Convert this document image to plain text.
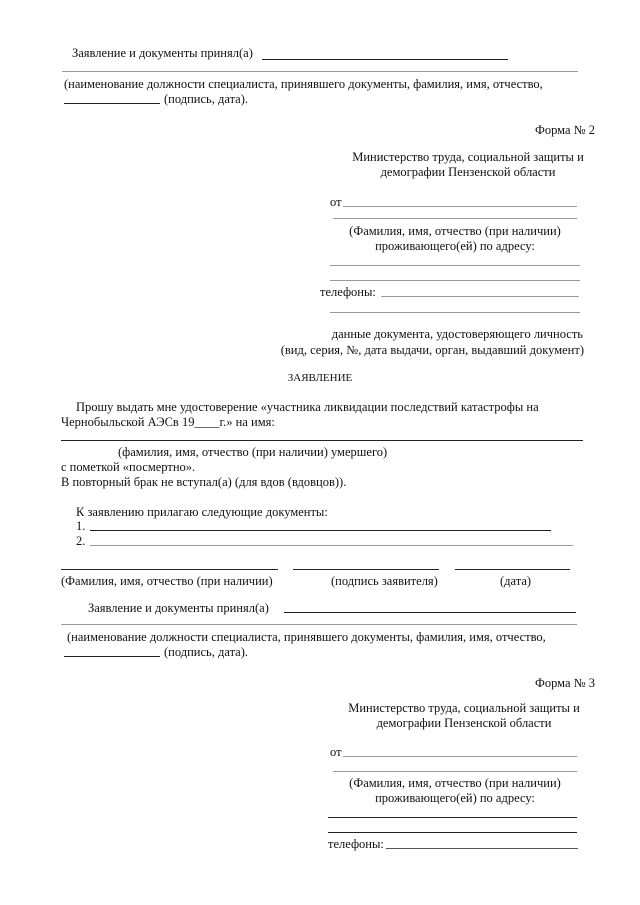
Заявление и документы принял(а)
(наименование должности специалиста, принявшего документы, фамилия, имя, отчество,
(подпись, дата).
Форма № 2
Министерство труда, социальной защиты и
демографии Пензенской области
от
(Фамилия, имя, отчество (при наличии)
проживающего(ей) по адресу:
телефоны:
данные документа, удостоверяющего личность
(вид, серия, №, дата выдачи, орган, выдавший документ)
ЗАЯВЛЕНИЕ
Прошу выдать мне удостоверение «участника ликвидации последствий катастрофы на
Чернобыльской АЭСв 19____г.» на имя:
(фамилия, имя, отчество (при наличии) умершего)
с пометкой «посмертно».
В повторный брак не вступал(а) (для вдов (вдовцов)).
К заявлению прилагаю следующие документы:
1.
2.
(Фамилия, имя, отчество (при наличии)	(подпись заявителя)	(дата)
Заявление и документы принял(а)
(наименование должности специалиста, принявшего документы, фамилия, имя, отчество,
(подпись, дата).
Форма № 3
Министерство труда, социальной защиты и
демографии Пензенской области
от
(Фамилия, имя, отчество (при наличии)
проживающего(ей) по адресу:
телефоны:
